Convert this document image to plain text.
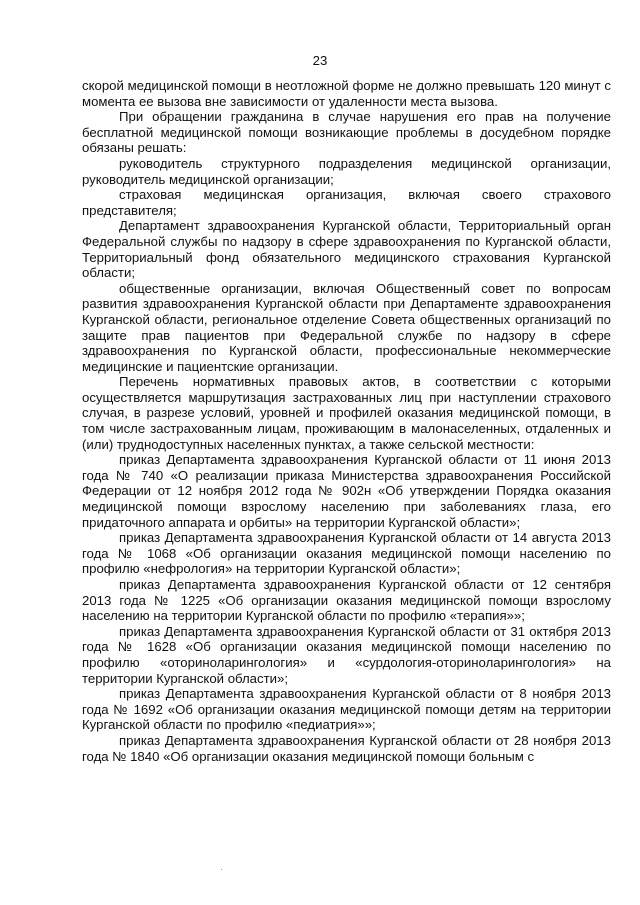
23

скорой медицинской помощи в неотложной форме не должно превышать 120 минут с момента ее вызова вне зависимости от удаленности места вызова.

При обращении гражданина в случае нарушения его прав на получение бесплатной медицинской помощи возникающие проблемы в досудебном порядке обязаны решать:

руководитель структурного подразделения медицинской организации, руководитель медицинской организации;

страховая медицинская организация, включая своего страхового представителя;

Департамент здравоохранения Курганской области, Территориальный орган Федеральной службы по надзору в сфере здравоохранения по Курганской области, Территориальный фонд обязательного медицинского страхования Курганской области;

общественные организации, включая Общественный совет по вопросам развития здравоохранения Курганской области при Департаменте здравоохранения Курганской области, региональное отделение Совета общественных организаций по защите прав пациентов при Федеральной службе по надзору в сфере здравоохранения по Курганской области, профессиональные некоммерческие медицинские и пациентские организации.

Перечень нормативных правовых актов, в соответствии с которыми осуществляется маршрутизация застрахованных лиц при наступлении страхового случая, в разрезе условий, уровней и профилей оказания медицинской помощи, в том числе застрахованным лицам, проживающим в малонаселенных, отдаленных и (или) труднодоступных населенных пунктах, а также сельской местности:

приказ Департамента здравоохранения Курганской области от 11 июня 2013 года № 740 «О реализации приказа Министерства здравоохранения Российской Федерации от 12 ноября 2012 года № 902н «Об утверждении Порядка оказания медицинской помощи взрослому населению при заболеваниях глаза, его придаточного аппарата и орбиты» на территории Курганской области»;

приказ Департамента здравоохранения Курганской области от 14 августа 2013 года № 1068 «Об организации оказания медицинской помощи населению по профилю «нефрология» на территории Курганской области»;

приказ Департамента здравоохранения Курганской области от 12 сентября 2013 года № 1225 «Об организации оказания медицинской помощи взрослому населению на территории Курганской области по профилю «терапия»»;

приказ Департамента здравоохранения Курганской области от 31 октября 2013 года № 1628 «Об организации оказания медицинской помощи населению по профилю «оториноларингология» и «сурдология-оториноларингология» на территории Курганской области»;

приказ Департамента здравоохранения Курганской области от 8 ноября 2013 года № 1692 «Об организации оказания медицинской помощи детям на территории Курганской области по профилю «педиатрия»»;

приказ Департамента здравоохранения Курганской области от 28 ноября 2013 года № 1840 «Об организации оказания медицинской помощи больным с
